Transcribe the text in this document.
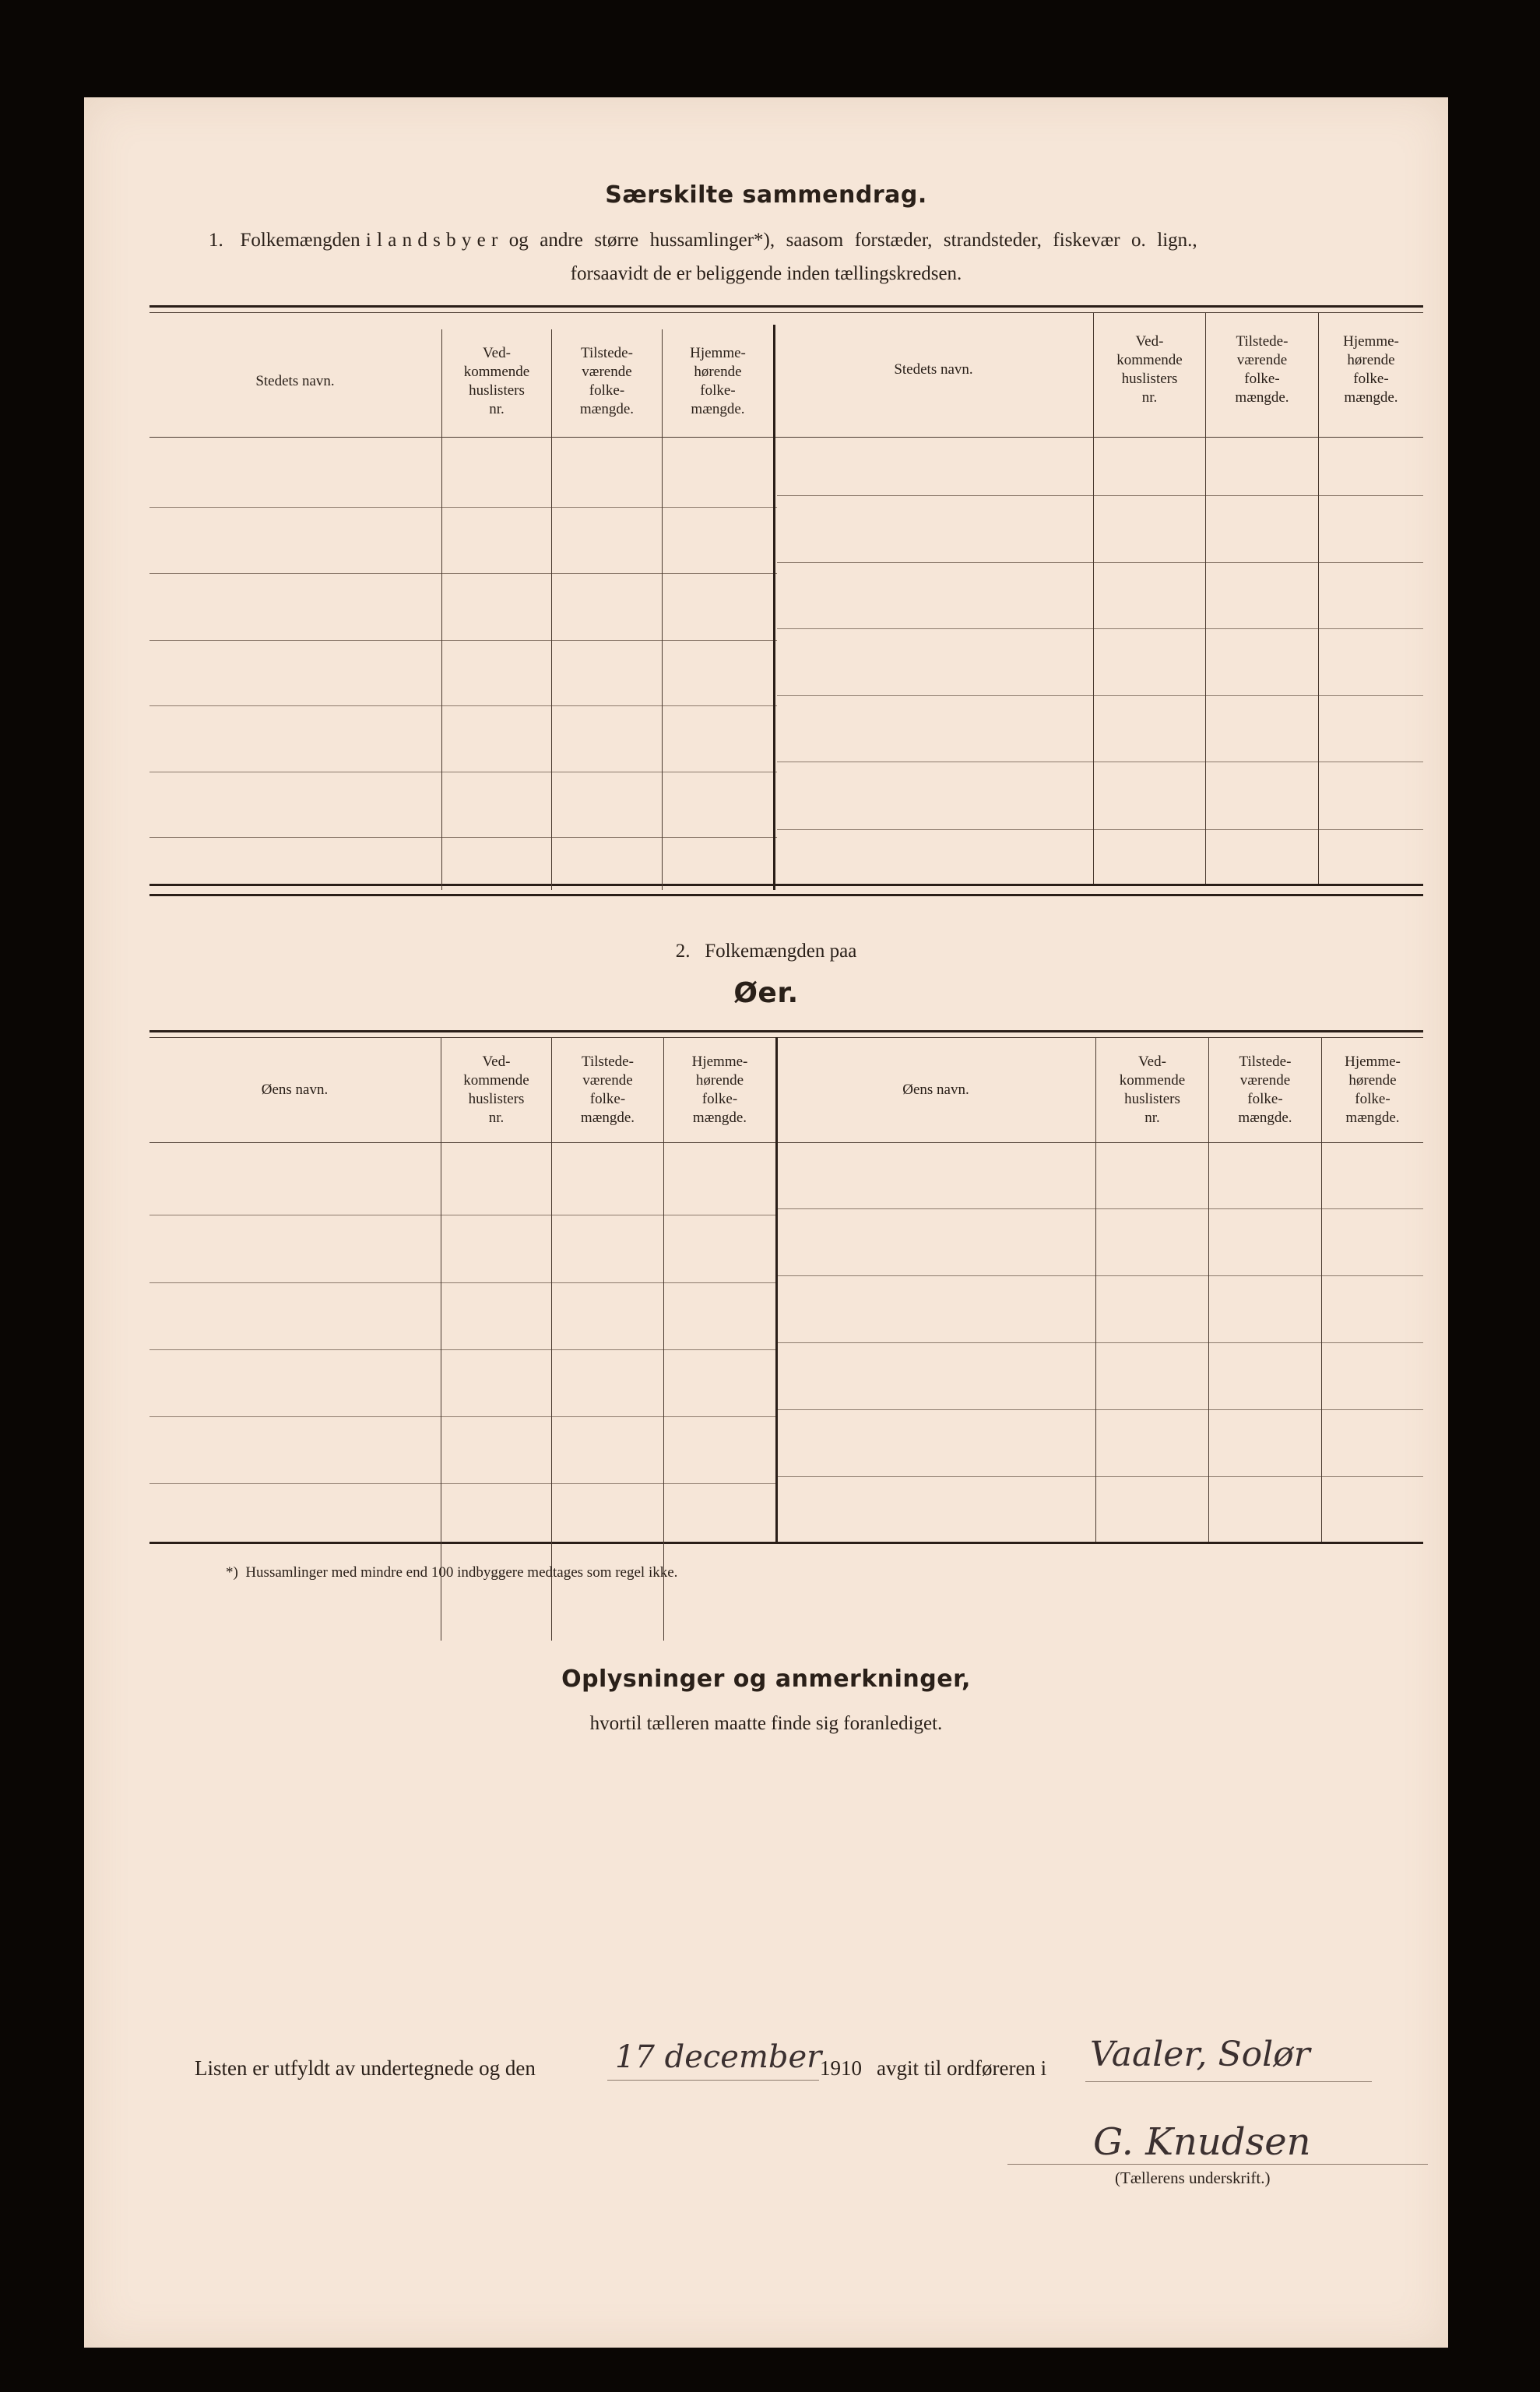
Særskilte sammendrag.
1.   Folkemængden i l a n d s b y e r  og  andre  større  hussamlinger*),  saasom  forstæder,  strandsteder,  fiskevær  o.  lign.,
forsaavidt de er beliggende inden tællingskredsen.
Stedets navn.
Ved-
kommende
huslisters
nr.
Tilstede-
værende
folke-
mængde.
Hjemme-
hørende
folke-
mængde.
Stedets navn.
Ved-
kommende
huslisters
nr.
Tilstede-
værende
folke-
mængde.
Hjemme-
hørende
folke-
mængde.
2.   Folkemængden paa
Øer.
Øens navn.
Ved-
kommende
huslisters
nr.
Tilstede-
værende
folke-
mængde.
Hjemme-
hørende
folke-
mængde.
Øens navn.
Ved-
kommende
huslisters
nr.
Tilstede-
værende
folke-
mængde.
Hjemme-
hørende
folke-
mængde.
*)  Hussamlinger med mindre end 100 indbyggere medtages som regel ikke.
Oplysninger og anmerkninger,
hvortil tælleren maatte finde sig foranlediget.
Listen er utfyldt av undertegnede og den	17 december
1910 avgit til ordføreren i Vaaler, Solør
G. Knudsen
(Tællerens underskrift.)
